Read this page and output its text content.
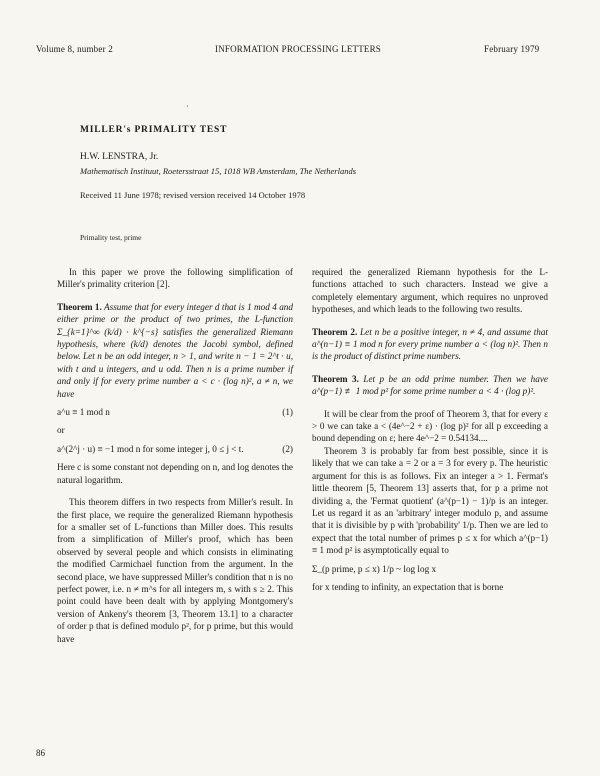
Volume 8, number 2	INFORMATION PROCESSING LETTERS	February 1979
·
MILLER's PRIMALITY TEST
H.W. LENSTRA, Jr.
Mathematisch Instituut, Roetersstraat 15, 1018 WB Amsterdam, The Netherlands
Received 11 June 1978; revised version received 14 October 1978
Primality test, prime

In this paper we prove the following simplification of Miller's primality criterion [2].

Theorem 1. Assume that for every integer d that is 1 mod 4 and either prime or the product of two primes, the L-function Σ_{k=1}^∞ (k/d) · k^{−s} satisfies the generalized Riemann hypothesis, where (k/d) denotes the Jacobi symbol, defined below. Let n be an odd integer, n > 1, and write n − 1 = 2^t · u, with t and u integers, and u odd. Then n is a prime number if and only if for every prime number a < c · (log n)², a ≠ n, we have

a^u ≡ 1 mod n	(1)

or

a^(2^j · u) ≡ −1 mod n for some integer j, 0 ≤ j < t.	(2)

Here c is some constant not depending on n, and log denotes the natural logarithm.

This theorem differs in two respects from Miller's result. In the first place, we require the generalized Riemann hypothesis for a smaller set of L-functions than Miller does. This results from a simplification of Miller's proof, which has been observed by several people and which consists in eliminating the modified Carmichael function from the argument. In the second place, we have suppressed Miller's condition that n is no perfect power, i.e. n ≠ m^s for all integers m, s with s ≥ 2. This point could have been dealt with by applying Montgomery's version of Ankeny's theorem [3, Theorem 13.1] to a character of order p that is defined modulo p², for p prime, but this would have

required the generalized Riemann hypothesis for the L-functions attached to such characters. Instead we give a completely elementary argument, which requires no unproved hypotheses, and which leads to the following two results.

Theorem 2. Let n be a positive integer, n ≠ 4, and assume that a^(n−1) ≡ 1 mod n for every prime number a < (log n)². Then n is the product of distinct prime numbers.

Theorem 3. Let p be an odd prime number. Then we have a^(p−1) ≢ 1 mod p² for some prime number a < 4 · (log p)².

It will be clear from the proof of Theorem 3, that for every ε > 0 we can take a < (4e^−2 + ε) · (log p)² for all p exceeding a bound depending on ε; here 4e^−2 = 0.54134....

Theorem 3 is probably far from best possible, since it is likely that we can take a = 2 or a = 3 for every p. The heuristic argument for this is as follows. Fix an integer a > 1. Fermat's little theorem [5, Theorem 13] asserts that, for p a prime not dividing a, the 'Fermat quotient' (a^(p−1) − 1)/p is an integer. Let us regard it as an 'arbitrary' integer modulo p, and assume that it is divisible by p with 'probability' 1/p. Then we are led to expect that the total number of primes p ≤ x for which a^(p−1) ≡ 1 mod p² is asymptotically equal to

Σ_(p prime, p ≤ x) 1/p ~ log log x

for x tending to infinity, an expectation that is borne

86
